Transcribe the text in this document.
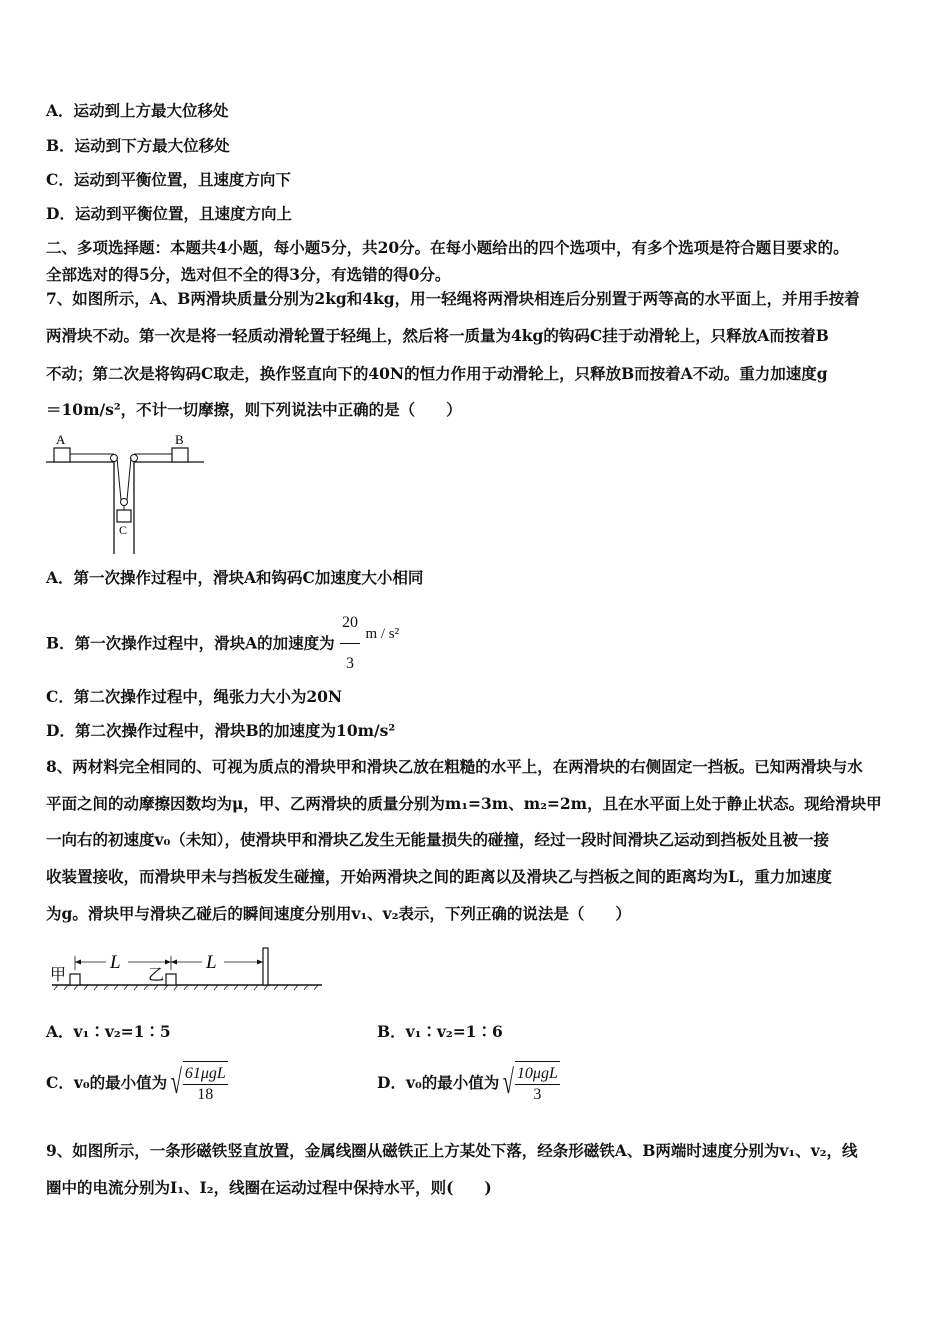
A．运动到上方最大位移处
B．运动到下方最大位移处
C．运动到平衡位置，且速度方向下
D．运动到平衡位置，且速度方向上
二、多项选择题：本题共4小题，每小题5分，共20分。在每小题给出的四个选项中，有多个选项是符合题目要求的。
全部选对的得5分，选对但不全的得3分，有选错的得0分。
7、如图所示，A、B两滑块质量分别为2kg和4kg，用一轻绳将两滑块相连后分别置于两等高的水平面上，并用手按着
两滑块不动。第一次是将一轻质动滑轮置于轻绳上，然后将一质量为4kg的钩码C挂于动滑轮上，只释放A而按着B
不动；第二次是将钩码C取走，换作竖直向下的40N的恒力作用于动滑轮上，只释放B而按着A不动。重力加速度g
＝10m/s²，不计一切摩擦，则下列说法中正确的是（　　）
A	B
C
A．第一次操作过程中，滑块A和钩码C加速度大小相同
B．第一次操作过程中，滑块A的加速度为 $\frac{20}{3}$ m / s²
C．第二次操作过程中，绳张力大小为20N
D．第二次操作过程中，滑块B的加速度为10m/s²
8、两材料完全相同的、可视为质点的滑块甲和滑块乙放在粗糙的水平上，在两滑块的右侧固定一挡板。已知两滑块与水
平面之间的动摩擦因数均为μ，甲、乙两滑块的质量分别为m₁=3m、m₂=2m，且在水平面上处于静止状态。现给滑块甲
一向右的初速度v₀（未知），使滑块甲和滑块乙发生无能量损失的碰撞，经过一段时间滑块乙运动到挡板处且被一接
收装置接收，而滑块甲未与挡板发生碰撞，开始两滑块之间的距离以及滑块乙与挡板之间的距离均为L，重力加速度
为g。滑块甲与滑块乙碰后的瞬间速度分别用v₁、v₂表示，下列正确的说法是（　　）
甲	乙
L	L
A．v₁∶v₂=1∶5	B．v₁∶v₂=1∶6
C．v₀的最小值为 √ $\frac{\text{61μgL}}{18}$	D．v₀的最小值为 √ $\frac{\text{10μgL}}{3}$
9、如图所示，一条形磁铁竖直放置，金属线圈从磁铁正上方某处下落，经条形磁铁A、B两端时速度分别为v₁、v₂，线
圈中的电流分别为I₁、I₂，线圈在运动过程中保持水平，则(　　)
